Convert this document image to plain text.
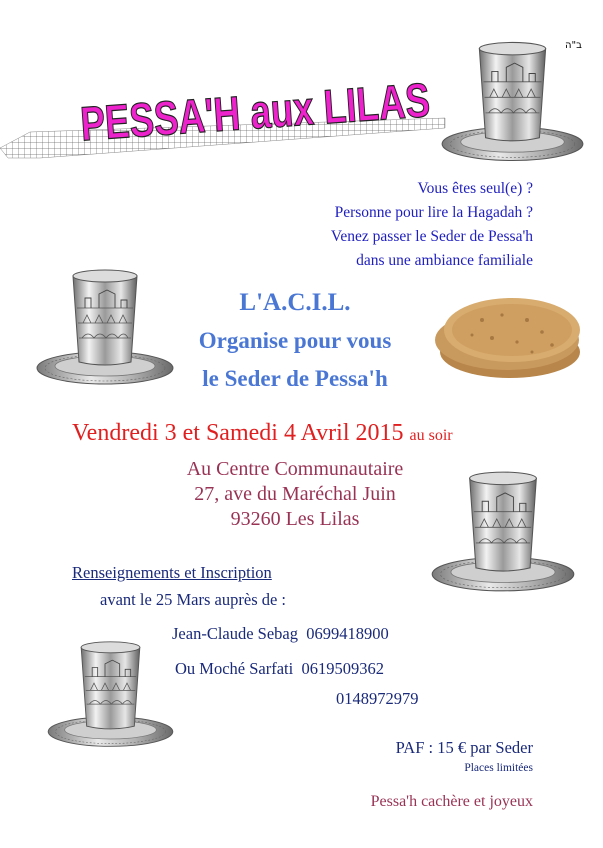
ב"ה
PESSA'H aux LILAS
Vous êtes seul(e) ?
Personne pour lire la Hagadah ?
Venez passer le Seder de Pessa'h
dans une ambiance familiale
L'A.C.I.L.
Organise pour vous
le Seder de Pessa'h
Vendredi 3 et Samedi 4 Avril 2015 au soir
Au Centre Communautaire
27, ave du Maréchal Juin
93260 Les Lilas
Renseignements et Inscription
avant le 25 Mars auprès de :
Jean-Claude Sebag  0699418900
Ou Moché Sarfati  0619509362
0148972979
PAF : 15 € par Seder
Places limitées
Pessa'h cachère et joyeux
